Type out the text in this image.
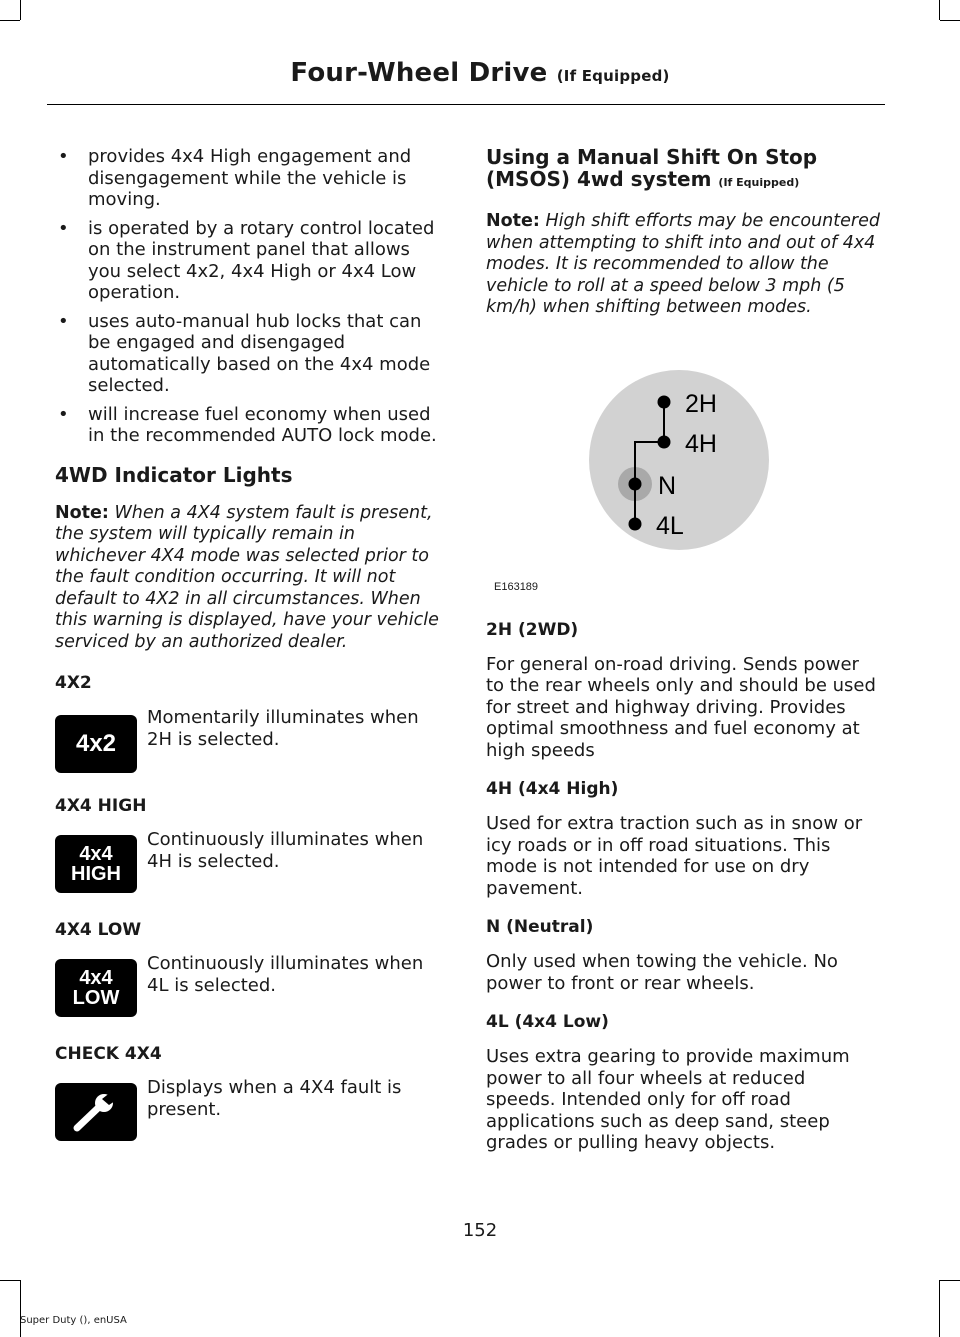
Four-Wheel Drive (If Equipped)
• provides 4x4 High engagement and disengagement while the vehicle is moving.
• is operated by a rotary control located on the instrument panel that allows you select 4x2, 4x4 High or 4x4 Low operation.
• uses auto-manual hub locks that can be engaged and disengaged automatically based on the 4x4 mode selected.
• will increase fuel economy when used in the recommended AUTO lock mode.
4WD Indicator Lights

Note: When a 4X4 system fault is present, the system will typically remain in whichever 4X4 mode was selected prior to the fault condition occurring. It will not default to 4X2 in all circumstances. When this warning is displayed, have your vehicle serviced by an authorized dealer.

4X2
4x2
Momentarily illuminates when 2H is selected.
4X4 HIGH
4x4
HIGH
Continuously illuminates when 4H is selected.
4X4 LOW
4x4
LOW
Continuously illuminates when 4L is selected.
CHECK 4X4
Displays when a 4X4 fault is present.
Using a Manual Shift On Stop (MSOS) 4wd system (If Equipped)

Note: High shift efforts may be encountered when attempting to shift into and out of 4x4 modes. It is recommended to allow the vehicle to roll at a speed below 3 mph (5 km/h) when shifting between modes.

2H
4H
N
4L
E163189
2H (2WD)

For general on-road driving. Sends power to the rear wheels only and should be used for street and highway driving. Provides optimal smoothness and fuel economy at high speeds

4H (4x4 High)

Used for extra traction such as in snow or icy roads or in off road situations. This mode is not intended for use on dry pavement.

N (Neutral)

Only used when towing the vehicle. No power to front or rear wheels.

4L (4x4 Low)

Uses extra gearing to provide maximum power to all four wheels at reduced speeds. Intended only for off road applications such as deep sand, steep grades or pulling heavy objects.

152
Super Duty (), enUSA
